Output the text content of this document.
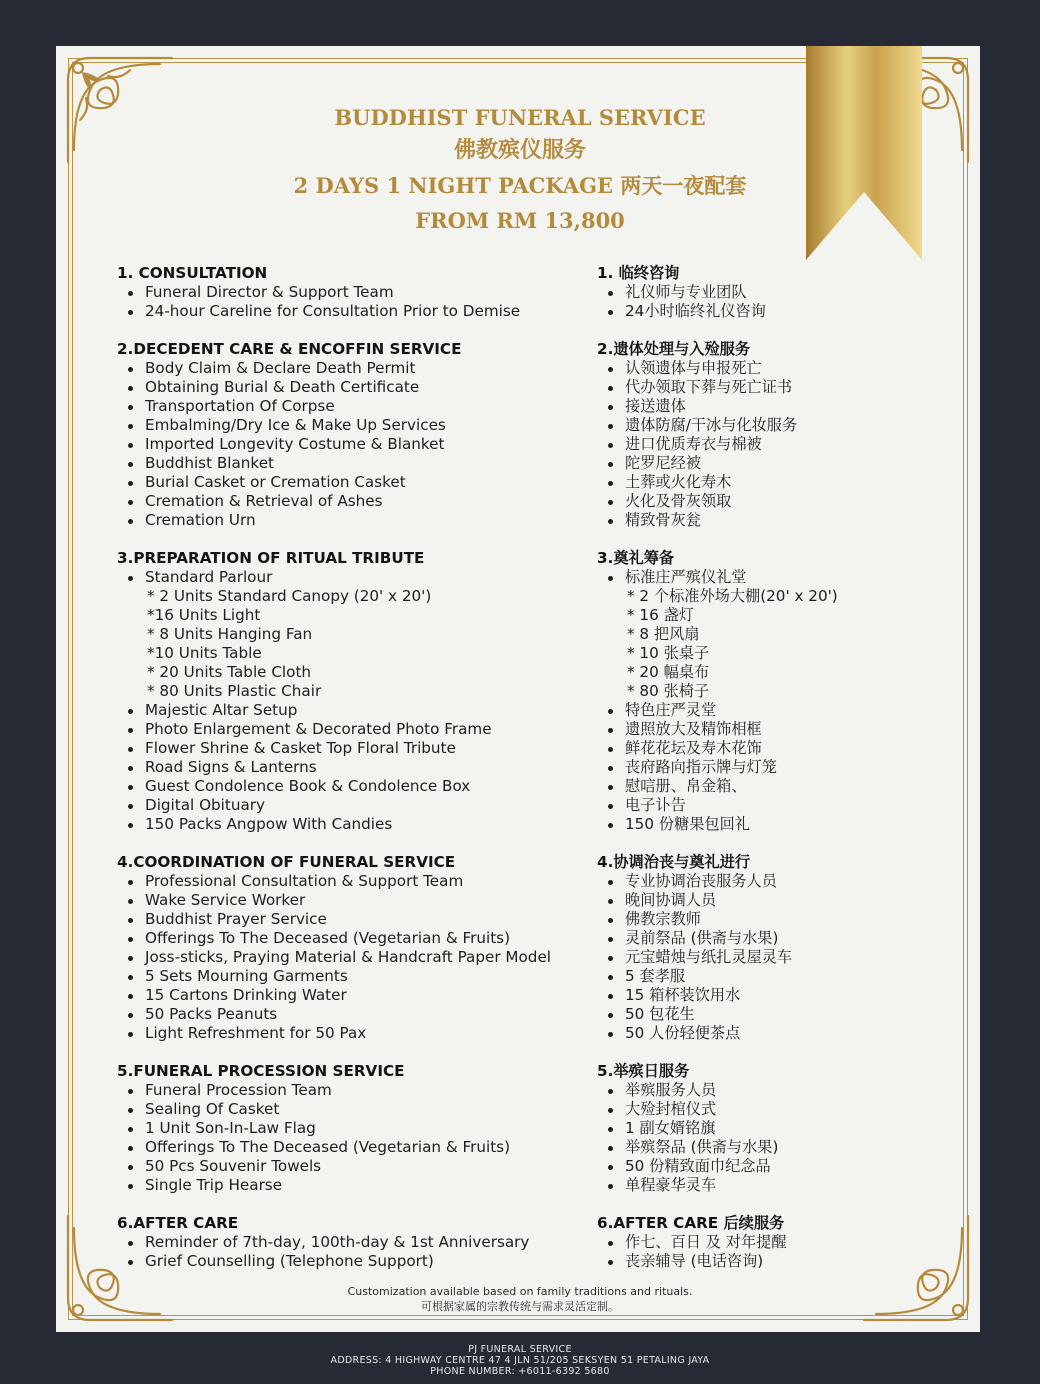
BUDDHIST FUNERAL SERVICE
佛教殡仪服务
2 DAYS 1 NIGHT PACKAGE 两天一夜配套
FROM RM 13,800
1. CONSULTATION
Funeral Director & Support Team
24-hour Careline for Consultation Prior to Demise
2.DECEDENT CARE & ENCOFFIN SERVICE
Body Claim & Declare Death Permit
Obtaining Burial & Death Certificate
Transportation Of Corpse
Embalming/Dry Ice & Make Up Services
Imported Longevity Costume & Blanket
Buddhist Blanket
Burial Casket or Cremation Casket
Cremation & Retrieval of Ashes
Cremation Urn
3.PREPARATION OF RITUAL TRIBUTE
Standard Parlour
* 2 Units Standard Canopy (20' x 20')
*16 Units Light
* 8 Units Hanging Fan
*10 Units Table
* 20 Units Table Cloth
* 80 Units Plastic Chair
Majestic Altar Setup
Photo Enlargement & Decorated Photo Frame
Flower Shrine & Casket Top Floral Tribute
Road Signs & Lanterns
Guest Condolence Book & Condolence Box
Digital Obituary
150 Packs Angpow With Candies
4.COORDINATION OF FUNERAL SERVICE
Professional Consultation & Support Team
Wake Service Worker
Buddhist Prayer Service
Offerings To The Deceased (Vegetarian & Fruits)
Joss-sticks, Praying Material & Handcraft Paper Model
5 Sets Mourning Garments
15 Cartons Drinking Water
50 Packs Peanuts
Light Refreshment for 50 Pax
5.FUNERAL PROCESSION SERVICE
Funeral Procession Team
Sealing Of Casket
1 Unit Son-In-Law Flag
Offerings To The Deceased (Vegetarian & Fruits)
50 Pcs Souvenir Towels
Single Trip Hearse
6.AFTER CARE
Reminder of 7th-day, 100th-day & 1st Anniversary
Grief Counselling (Telephone Support)
1. 临终咨询
礼仪师与专业团队
24小时临终礼仪咨询
2.遗体处理与入殓服务
认领遗体与申报死亡
代办领取下葬与死亡证书
接送遗体
遗体防腐/干冰与化妆服务
进口优质寿衣与棉被
陀罗尼经被
土葬或火化寿木
火化及骨灰领取
精致骨灰瓮
3.奠礼筹备
标准庄严殡仪礼堂
* 2 个标准外场大棚(20' x 20')
* 16 盏灯
* 8 把风扇
* 10 张桌子
* 20 幅桌布
* 80 张椅子
特色庄严灵堂
遗照放大及精饰相框
鲜花花坛及寿木花饰
丧府路向指示牌与灯笼
慰唁册、帛金箱、
电子讣告
150 份糖果包回礼
4.协调治丧与奠礼进行
专业协调治丧服务人员
晚间协调人员
佛教宗教师
灵前祭品 (供斋与水果)
元宝蜡烛与纸扎灵屋灵车
5 套孝服
15 箱杯装饮用水
50 包花生
50 人份轻便茶点
5.举殡日服务
举殡服务人员
大殓封棺仪式
1 副女婿铭旗
举殡祭品 (供斋与水果)
50 份精致面巾纪念品
单程豪华灵车
6.AFTER CARE 后续服务
作七、百日 及 对年提醒
丧亲辅导 (电话咨询)
Customization available based on family traditions and rituals.
可根据家属的宗教传统与需求灵活定制。
PJ FUNERAL SERVICE
ADDRESS: 4 HIGHWAY CENTRE 47 4 JLN 51/205 SEKSYEN 51 PETALING JAYA
PHONE NUMBER: +6011-6392 5680
